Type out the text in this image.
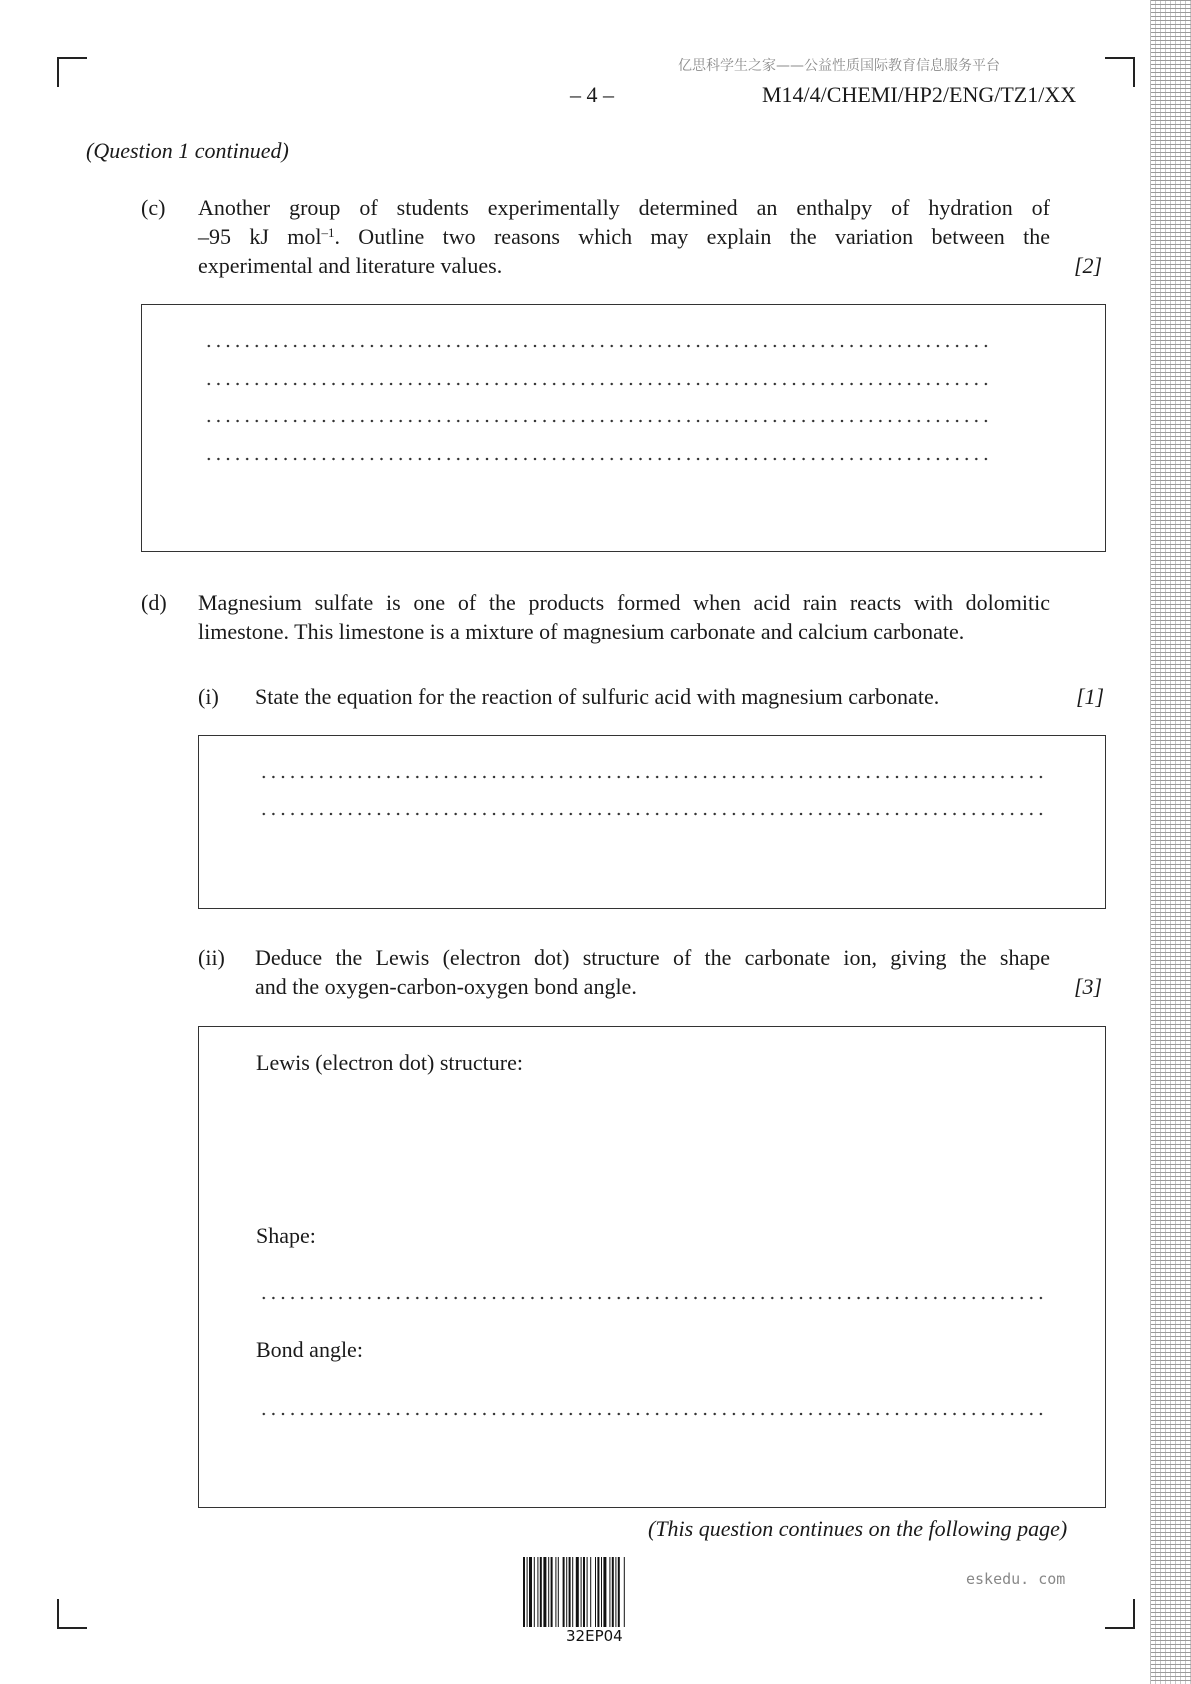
亿思科学生之家——公益性质国际教育信息服务平台
– 4 –	M14/4/CHEMI/HP2/ENG/TZ1/XX
(Question 1 continued)
(c) Another group of students experimentally determined an enthalpy of hydration of
–95 kJ mol$^{-1}$. Outline two reasons which may explain the variation between the
experimental and literature values.	[2]
(d) Magnesium sulfate is one of the products formed when acid rain reacts with dolomitic
limestone. This limestone is a mixture of magnesium carbonate and calcium carbonate.
(i) State the equation for the reaction of sulfuric acid with magnesium carbonate.	[1]
(ii) Deduce the Lewis (electron dot) structure of the carbonate ion, giving the shape
and the oxygen-carbon-oxygen bond angle.	[3]
Lewis (electron dot) structure:
Shape:
Bond angle:
(This question continues on the following page)
32EP04
eskedu. com
